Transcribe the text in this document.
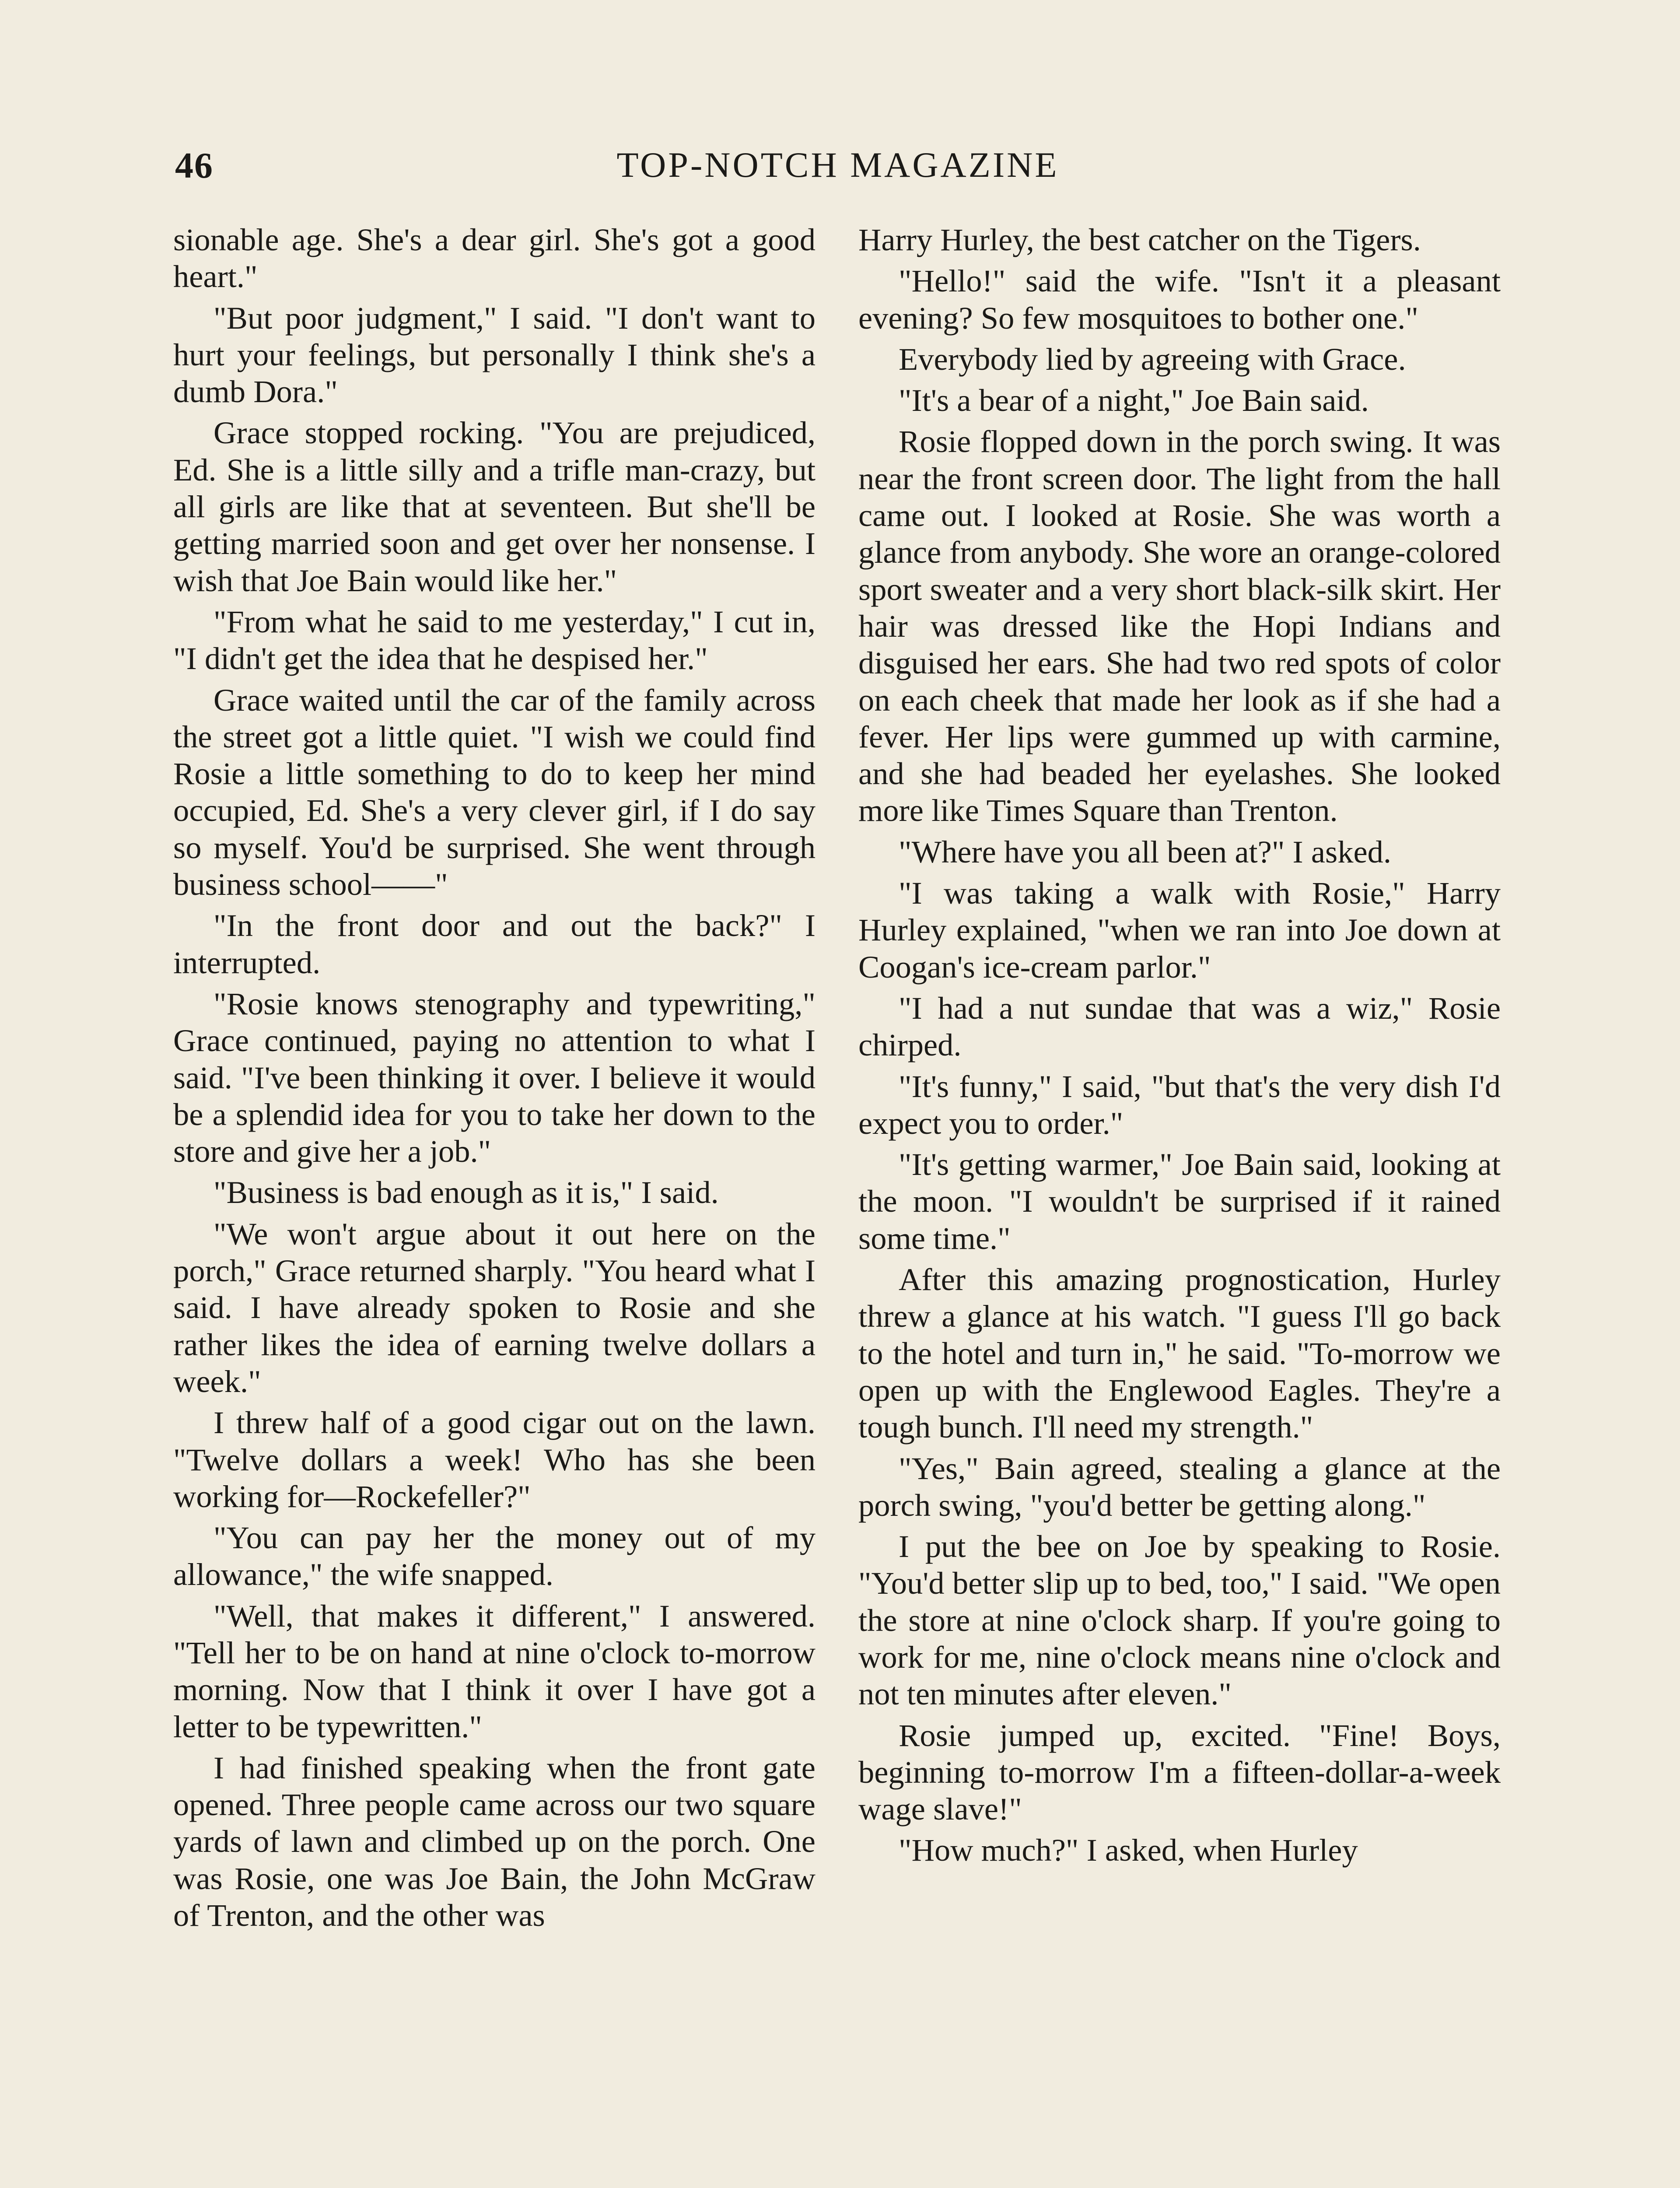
46	TOP-NOTCH MAGAZINE

sionable age. She's a dear girl. She's got a good heart."

"But poor judgment," I said. "I don't want to hurt your feelings, but personally I think she's a dumb Dora."

Grace stopped rocking. "You are prejudiced, Ed. She is a little silly and a trifle man-crazy, but all girls are like that at seventeen. But she'll be getting married soon and get over her nonsense. I wish that Joe Bain would like her."

"From what he said to me yesterday," I cut in, "I didn't get the idea that he despised her."

Grace waited until the car of the family across the street got a little quiet. "I wish we could find Rosie a little something to do to keep her mind occupied, Ed. She's a very clever girl, if I do say so myself. You'd be surprised. She went through business school——"

"In the front door and out the back?" I interrupted.

"Rosie knows stenography and typewriting," Grace continued, paying no attention to what I said. "I've been thinking it over. I believe it would be a splendid idea for you to take her down to the store and give her a job."

"Business is bad enough as it is," I said.

"We won't argue about it out here on the porch," Grace returned sharply. "You heard what I said. I have already spoken to Rosie and she rather likes the idea of earning twelve dollars a week."

I threw half of a good cigar out on the lawn. "Twelve dollars a week! Who has she been working for—Rockefeller?"

"You can pay her the money out of my allowance," the wife snapped.

"Well, that makes it different," I answered. "Tell her to be on hand at nine o'clock to-morrow morning. Now that I think it over I have got a letter to be typewritten."

I had finished speaking when the front gate opened. Three people came across our two square yards of lawn and climbed up on the porch. One was Rosie, one was Joe Bain, the John McGraw of Trenton, and the other was

Harry Hurley, the best catcher on the Tigers.

"Hello!" said the wife. "Isn't it a pleasant evening? So few mosquitoes to bother one."

Everybody lied by agreeing with Grace.

"It's a bear of a night," Joe Bain said.

Rosie flopped down in the porch swing. It was near the front screen door. The light from the hall came out. I looked at Rosie. She was worth a glance from anybody. She wore an orange-colored sport sweater and a very short black-silk skirt. Her hair was dressed like the Hopi Indians and disguised her ears. She had two red spots of color on each cheek that made her look as if she had a fever. Her lips were gummed up with carmine, and she had beaded her eyelashes. She looked more like Times Square than Trenton.

"Where have you all been at?" I asked.

"I was taking a walk with Rosie," Harry Hurley explained, "when we ran into Joe down at Coogan's ice-cream parlor."

"I had a nut sundae that was a wiz," Rosie chirped.

"It's funny," I said, "but that's the very dish I'd expect you to order."

"It's getting warmer," Joe Bain said, looking at the moon. "I wouldn't be surprised if it rained some time."

After this amazing prognostication, Hurley threw a glance at his watch. "I guess I'll go back to the hotel and turn in," he said. "To-morrow we open up with the Englewood Eagles. They're a tough bunch. I'll need my strength."

"Yes," Bain agreed, stealing a glance at the porch swing, "you'd better be getting along."

I put the bee on Joe by speaking to Rosie. "You'd better slip up to bed, too," I said. "We open the store at nine o'clock sharp. If you're going to work for me, nine o'clock means nine o'clock and not ten minutes after eleven."

Rosie jumped up, excited. "Fine! Boys, beginning to-morrow I'm a fifteen-dollar-a-week wage slave!"

"How much?" I asked, when Hurley
